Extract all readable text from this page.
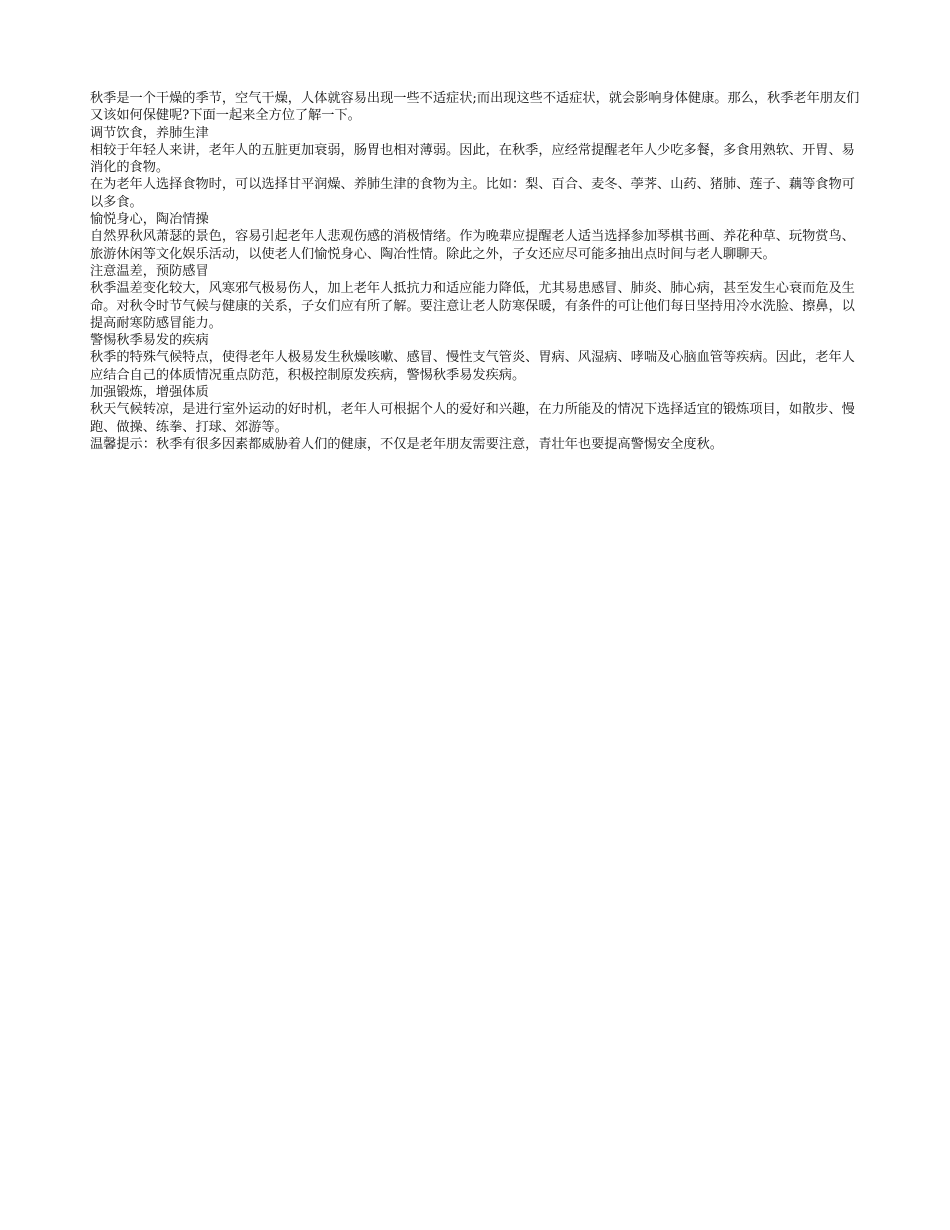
秋季是一个干燥的季节，空气干燥，人体就容易出现一些不适症状;而出现这些不适症状，就会影响身体健康。那么，秋季老年朋友们又该如何保健呢?下面一起来全方位了解一下。

调节饮食，养肺生津

相较于年轻人来讲，老年人的五脏更加衰弱，肠胃也相对薄弱。因此，在秋季，应经常提醒老年人少吃多餐，多食用熟软、开胃、易消化的食物。

在为老年人选择食物时，可以选择甘平润燥、养肺生津的食物为主。比如：梨、百合、麦冬、荸荠、山药、猪肺、莲子、藕等食物可以多食。

愉悦身心，陶冶情操

自然界秋风萧瑟的景色，容易引起老年人悲观伤感的消极情绪。作为晚辈应提醒老人适当选择参加琴棋书画、养花种草、玩物赏鸟、旅游休闲等文化娱乐活动，以使老人们愉悦身心、陶冶性情。除此之外，子女还应尽可能多抽出点时间与老人聊聊天。

注意温差，预防感冒

秋季温差变化较大，风寒邪气极易伤人，加上老年人抵抗力和适应能力降低，尤其易患感冒、肺炎、肺心病，甚至发生心衰而危及生命。对秋令时节气候与健康的关系，子女们应有所了解。要注意让老人防寒保暖，有条件的可让他们每日坚持用冷水洗脸、擦鼻，以提高耐寒防感冒能力。

警惕秋季易发的疾病

秋季的特殊气候特点，使得老年人极易发生秋燥咳嗽、感冒、慢性支气管炎、胃病、风湿病、哮喘及心脑血管等疾病。因此，老年人应结合自己的体质情况重点防范，积极控制原发疾病，警惕秋季易发疾病。

加强锻炼，增强体质

秋天气候转凉，是进行室外运动的好时机，老年人可根据个人的爱好和兴趣，在力所能及的情况下选择适宜的锻炼项目，如散步、慢跑、做操、练拳、打球、郊游等。

温馨提示：秋季有很多因素都威胁着人们的健康，不仅是老年朋友需要注意，青壮年也要提高警惕安全度秋。
